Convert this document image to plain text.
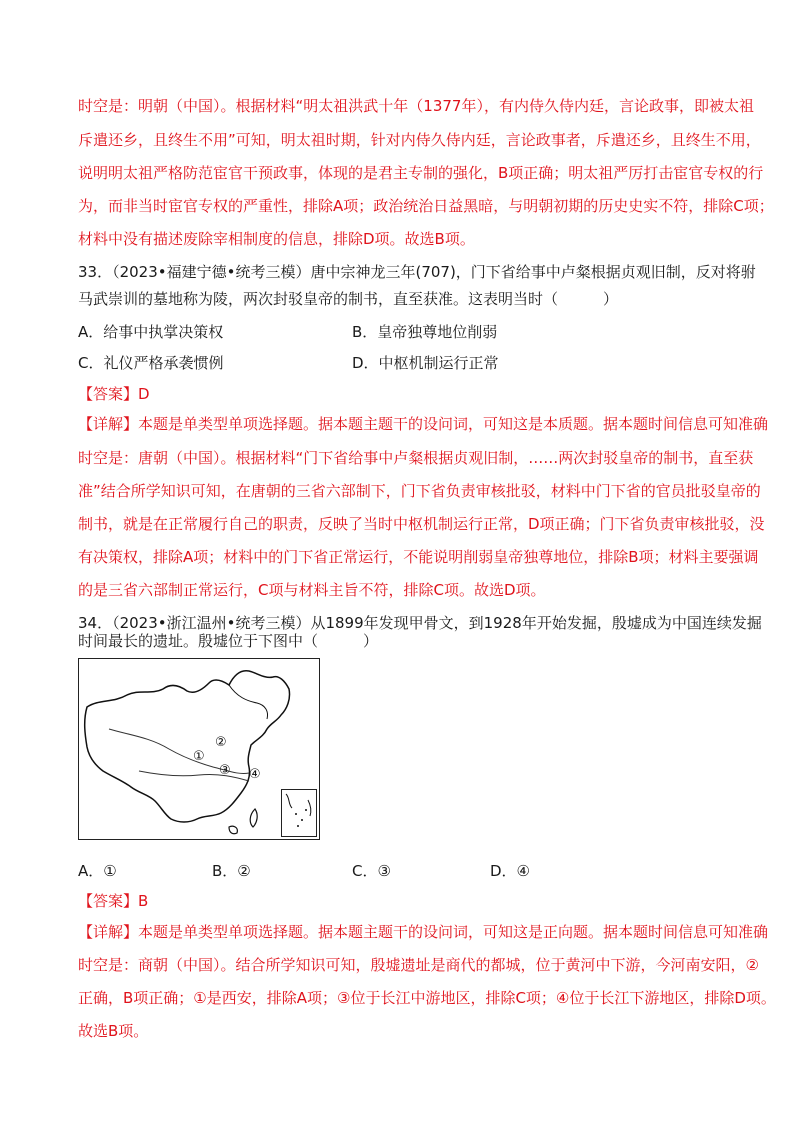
时空是：明朝（中国）。根据材料“明太祖洪武十年（1377年），有内侍久侍内廷，言论政事，即被太祖
斥遣还乡，且终生不用”可知，明太祖时期，针对内侍久侍内廷，言论政事者，斥遣还乡，且终生不用，
说明明太祖严格防范宦官干预政事，体现的是君主专制的强化，B项正确；明太祖严厉打击宦官专权的行
为，而非当时宦官专权的严重性，排除A项；政治统治日益黑暗，与明朝初期的历史史实不符，排除C项；
材料中没有描述废除宰相制度的信息，排除D项。故选B项。
33．（2023•福建宁德•统考三模）唐中宗神龙三年(707)，门下省给事中卢粲根据贞观旧制，反对将驸
马武崇训的墓地称为陵，两次封驳皇帝的制书，直至获准。这表明当时（　　　）
A．给事中执掌决策权	B．皇帝独尊地位削弱
C．礼仪严格承袭惯例	D．中枢机制运行正常
【答案】D
【详解】本题是单类型单项选择题。据本题主题干的设问词，可知这是本质题。据本题时间信息可知准确
时空是：唐朝（中国）。根据材料“门下省给事中卢粲根据贞观旧制，……两次封驳皇帝的制书，直至获
准”结合所学知识可知，在唐朝的三省六部制下，门下省负责审核批驳，材料中门下省的官员批驳皇帝的
制书，就是在正常履行自己的职责，反映了当时中枢机制运行正常，D项正确；门下省负责审核批驳，没
有决策权，排除A项；材料中的门下省正常运行，不能说明削弱皇帝独尊地位，排除B项；材料主要强调
的是三省六部制正常运行，C项与材料主旨不符，排除C项。故选D项。
34．（2023•浙江温州•统考三模）从1899年发现甲骨文，到1928年开始发掘，殷墟成为中国连续发掘
时间最长的遗址。殷墟位于下图中（　　　）
①
②
③ ④
A．①	B．②	C．③	D．④
【答案】B
【详解】本题是单类型单项选择题。据本题主题干的设问词，可知这是正向题。据本题时间信息可知准确
时空是：商朝（中国）。结合所学知识可知，殷墟遗址是商代的都城，位于黄河中下游，今河南安阳，②
正确，B项正确；①是西安，排除A项；③位于长江中游地区，排除C项；④位于长江下游地区，排除D项。
故选B项。
